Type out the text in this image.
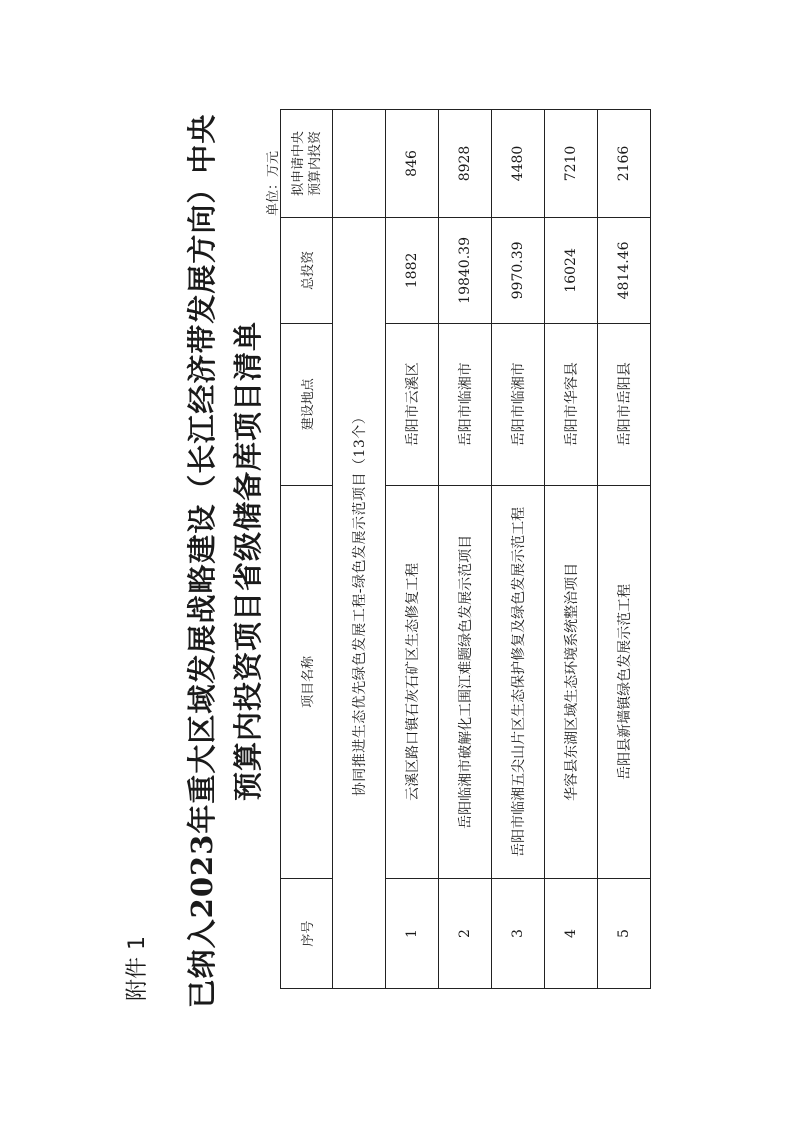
附件 1 已纳入2023年重大区域发展战略建设（长江经济带发展方向）中央 预算内投资项目省级储备库项目清单
单位：万元
序号	项目名称	建设地点	总投资	拟申请中央 预算内投资
协同推进生态优先绿色发展工程-绿色发展示范项目（13个）				
1	云溪区路口镇石灰石矿区生态修复工程	岳阳市云溪区	1882	846
2	岳阳临湘市破解化工围江难题绿色发展示范项目	岳阳市临湘市	19840.39	8928
3	岳阳市临湘五尖山片区生态保护修复及绿色发展示范工程	岳阳市临湘市	9970.39	4480
4	华容县东湖区域生态环境系统整治项目	岳阳市华容县	16024	7210
5	岳阳县新墙镇绿色发展示范工程	岳阳市岳阳县	4814.46	2166
